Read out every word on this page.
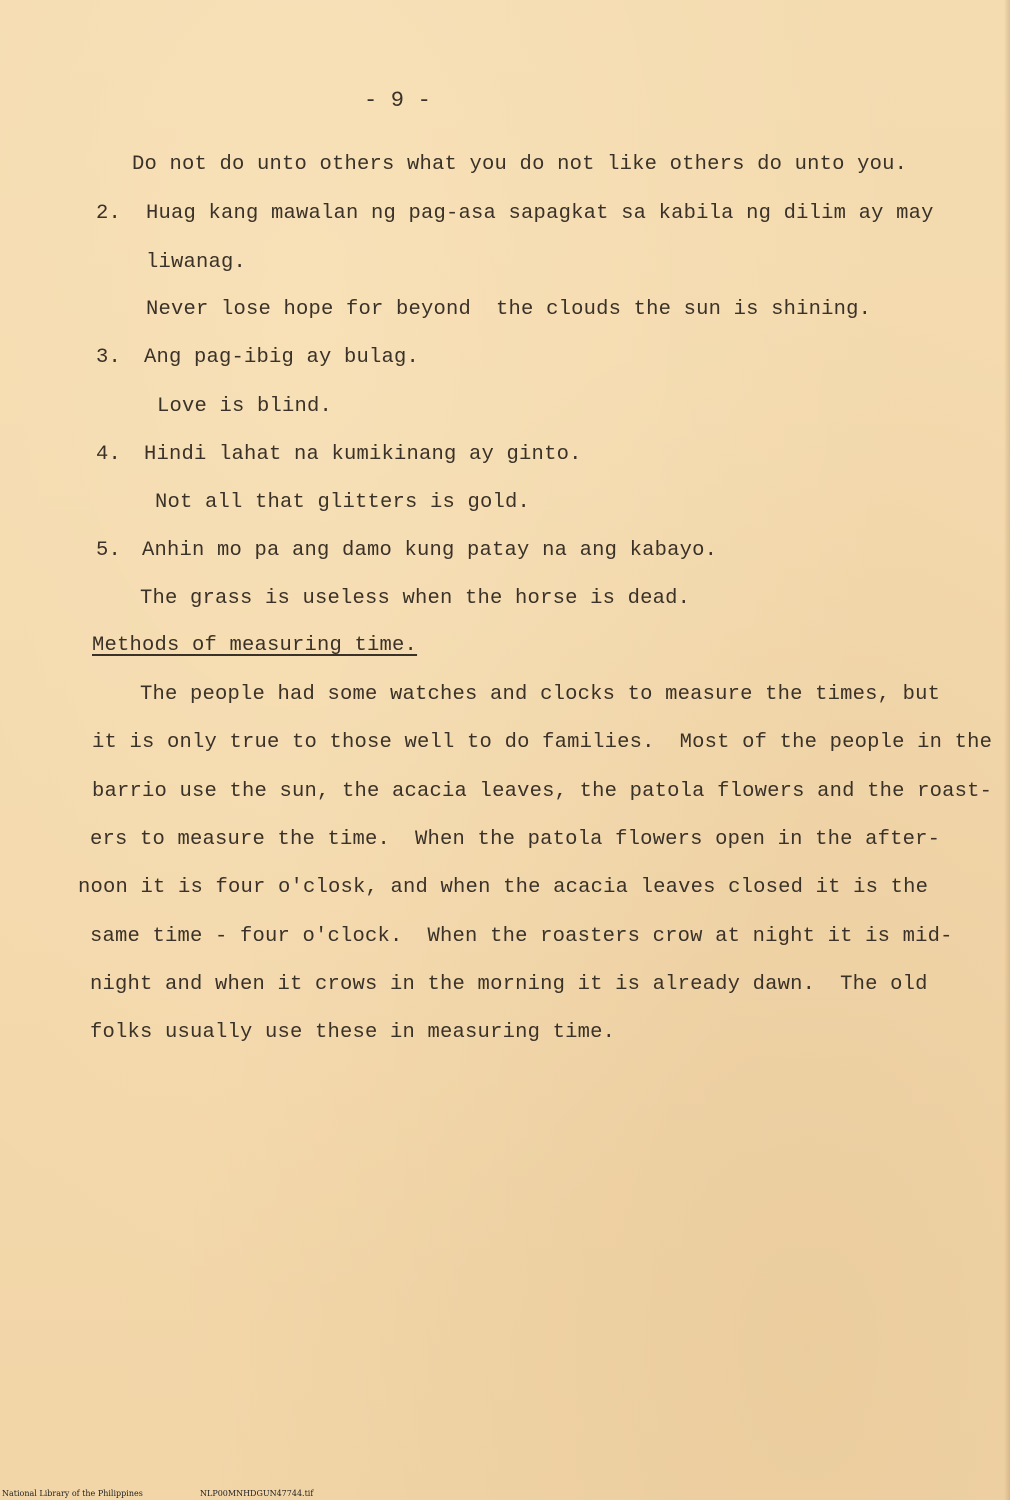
- 9 -
Do not do unto others what you do not like others do unto you.
2. Huag kang mawalan ng pag-asa sapagkat sa kabila ng dilim ay may
liwanag.
Never lose hope for beyond  the clouds the sun is shining.
3. Ang pag-ibig ay bulag.
Love is blind.
4. Hindi lahat na kumikinang ay ginto.
Not all that glitters is gold.
5. Anhin mo pa ang damo kung patay na ang kabayo.
The grass is useless when the horse is dead.
Methods of measuring time.
The people had some watches and clocks to measure the times, but
it is only true to those well to do families.  Most of the people in the
barrio use the sun, the acacia leaves, the patola flowers and the roast-
ers to measure the time.  When the patola flowers open in the after-
noon it is four o'closk, and when the acacia leaves closed it is the
same time - four o'clock.  When the roasters crow at night it is mid-
night and when it crows in the morning it is already dawn.  The old
folks usually use these in measuring time.
National Library of the Philippines	NLP00MNHDGUN47744.tif
